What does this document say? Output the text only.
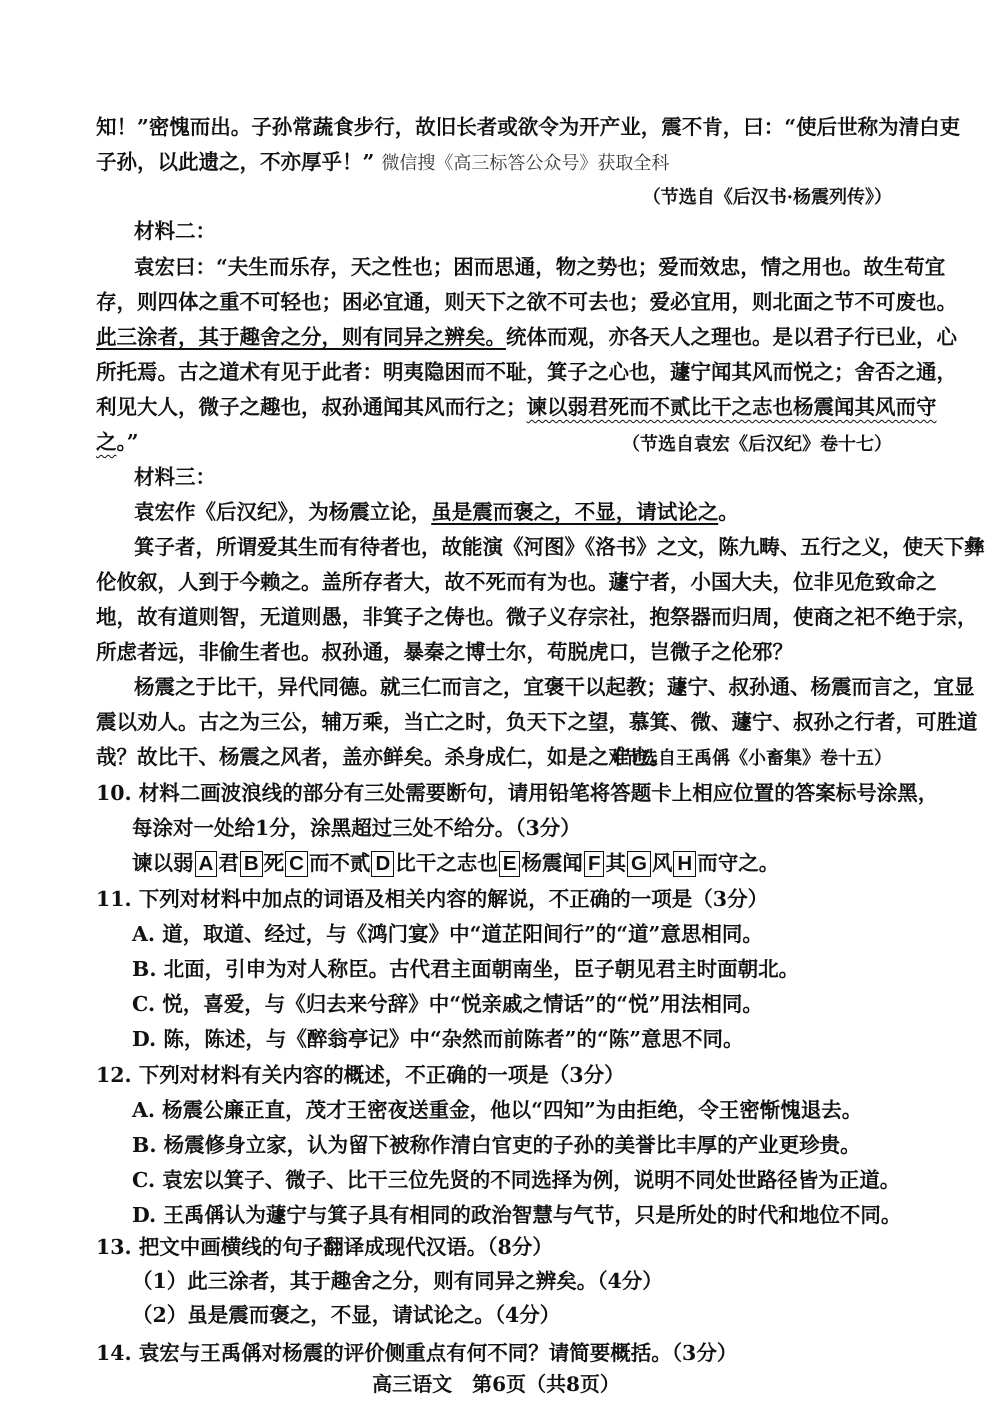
知！”密愧而出。子孙常蔬食步行，故旧长者或欲令为开产业，震不肯，曰：“使后世称为清白吏
子孙，以此遗之，不亦厚乎！” 微信搜《高三标答公众号》获取全科
（节选自《后汉书·杨震列传》）
材料二：
袁宏曰：“夫生而乐存，天之性也；困而思通，物之势也；爱而效忠，情之用也。故生苟宜
存，则四体之重不可轻也；困必宜通，则天下之欲不可去也；爱必宜用，则北面之节不可废也。
此三涂者，其于趣舍之分，则有同异之辨矣。统体而观，亦各天人之理也。是以君子行已业，心
所托焉。古之道术有见于此者：明夷隐困而不耻，箕子之心也，蘧宁闻其风而悦之；舍否之通，
利见大人，微子之趣也，叔孙通闻其风而行之；谏以弱君死而不贰比干之志也杨震闻其风而守
之。”	（节选自袁宏《后汉纪》卷十七）
材料三：
袁宏作《后汉纪》，为杨震立论，虽是震而褒之，不显，请试论之。
箕子者，所谓爱其生而有待者也，故能演《河图》《洛书》之文，陈九畴、五行之义，使天下彝
伦攸叙，人到于今赖之。盖所存者大，故不死而有为也。蘧宁者，小国大夫，位非见危致命之
地，故有道则智，无道则愚，非箕子之俦也。微子义存宗社，抱祭器而归周，使商之祀不绝于宗，
所虑者远，非偷生者也。叔孙通，暴秦之博士尔，苟脱虎口，岂微子之伦邪？
杨震之于比干，异代同德。就三仁而言之，宜褒干以起教；蘧宁、叔孙通、杨震而言之，宜显
震以劝人。古之为三公，辅万乘，当亡之时，负天下之望，慕箕、微、蘧宁、叔孙之行者，可胜道
哉？故比干、杨震之风者，盖亦鲜矣。杀身成仁，如是之难也。
（节选自王禹偁《小畜集》卷十五）
10. 材料二画波浪线的部分有三处需要断句，请用铅笔将答题卡上相应位置的答案标号涂黑，
每涂对一处给1分，涂黑超过三处不给分。（3分）
谏以弱 A 君 B 死 C 而不贰 D 比干之志也 E 杨震闻 F 其 G 风 H 而守之。
11. 下列对材料中加点的词语及相关内容的解说，不正确的一项是（3分）
A. 道，取道、经过，与《鸿门宴》中“道芷阳间行”的“道”意思相同。
B. 北面，引申为对人称臣。古代君主面朝南坐，臣子朝见君主时面朝北。
C. 悦，喜爱，与《归去来兮辞》中“悦亲戚之情话”的“悦”用法相同。
D. 陈，陈述，与《醉翁亭记》中“杂然而前陈者”的“陈”意思不同。
12. 下列对材料有关内容的概述，不正确的一项是（3分）
A. 杨震公廉正直，茂才王密夜送重金，他以“四知”为由拒绝，令王密惭愧退去。
B. 杨震修身立家，认为留下被称作清白官吏的子孙的美誉比丰厚的产业更珍贵。
C. 袁宏以箕子、微子、比干三位先贤的不同选择为例，说明不同处世路径皆为正道。
D. 王禹偁认为蘧宁与箕子具有相同的政治智慧与气节，只是所处的时代和地位不同。
13. 把文中画横线的句子翻译成现代汉语。（8分）
（1）此三涂者，其于趣舍之分，则有同异之辨矣。（4分）
（2）虽是震而褒之，不显，请试论之。（4分）
高三语文　第6页（共8页）
14. 袁宏与王禹偁对杨震的评价侧重点有何不同？请简要概括。（3分）
